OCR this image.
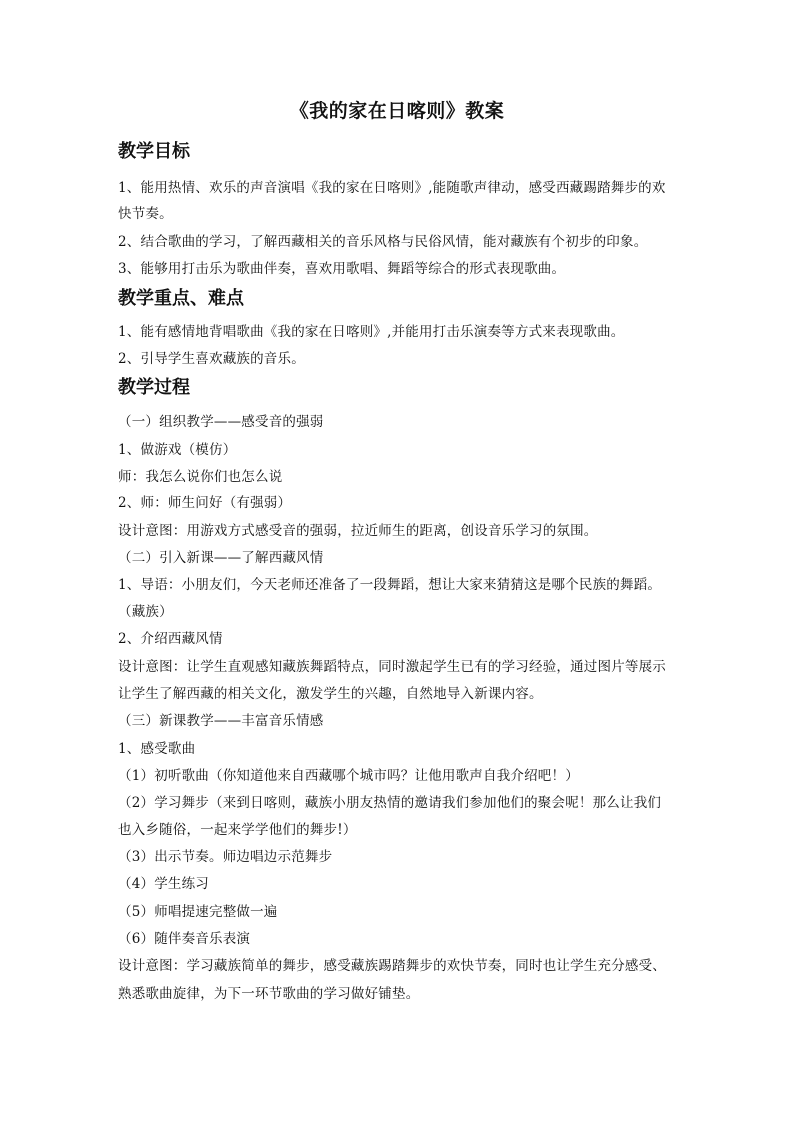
《我的家在日喀则》教案
教学目标
1、能用热情、欢乐的声音演唱《我的家在日喀则》,能随歌声律动，感受西藏踢踏舞步的欢
快节奏。
2、结合歌曲的学习，了解西藏相关的音乐风格与民俗风情，能对藏族有个初步的印象。
3、能够用打击乐为歌曲伴奏，喜欢用歌唱、舞蹈等综合的形式表现歌曲。
教学重点、难点
1、能有感情地背唱歌曲《我的家在日喀则》,并能用打击乐演奏等方式来表现歌曲。
2、引导学生喜欢藏族的音乐。
教学过程
（一）组织教学——感受音的强弱
1、做游戏（模仿）
师：我怎么说你们也怎么说
2、师：师生问好（有强弱）
设计意图：用游戏方式感受音的强弱，拉近师生的距离，创设音乐学习的氛围。
（二）引入新课——了解西藏风情
1、导语：小朋友们，今天老师还准备了一段舞蹈，想让大家来猜猜这是哪个民族的舞蹈。
（藏族）
2、介绍西藏风情
设计意图：让学生直观感知藏族舞蹈特点，同时激起学生已有的学习经验，通过图片等展示
让学生了解西藏的相关文化，激发学生的兴趣，自然地导入新课内容。
（三）新课教学——丰富音乐情感
1、感受歌曲
（1）初听歌曲（你知道他来自西藏哪个城市吗？让他用歌声自我介绍吧！）
（2）学习舞步（来到日喀则，藏族小朋友热情的邀请我们参加他们的聚会呢！那么让我们
也入乡随俗，一起来学学他们的舞步!）
（3）出示节奏。师边唱边示范舞步
（4）学生练习
（5）师唱提速完整做一遍
（6）随伴奏音乐表演
设计意图：学习藏族简单的舞步，感受藏族踢踏舞步的欢快节奏，同时也让学生充分感受、
熟悉歌曲旋律，为下一环节歌曲的学习做好铺垫。
